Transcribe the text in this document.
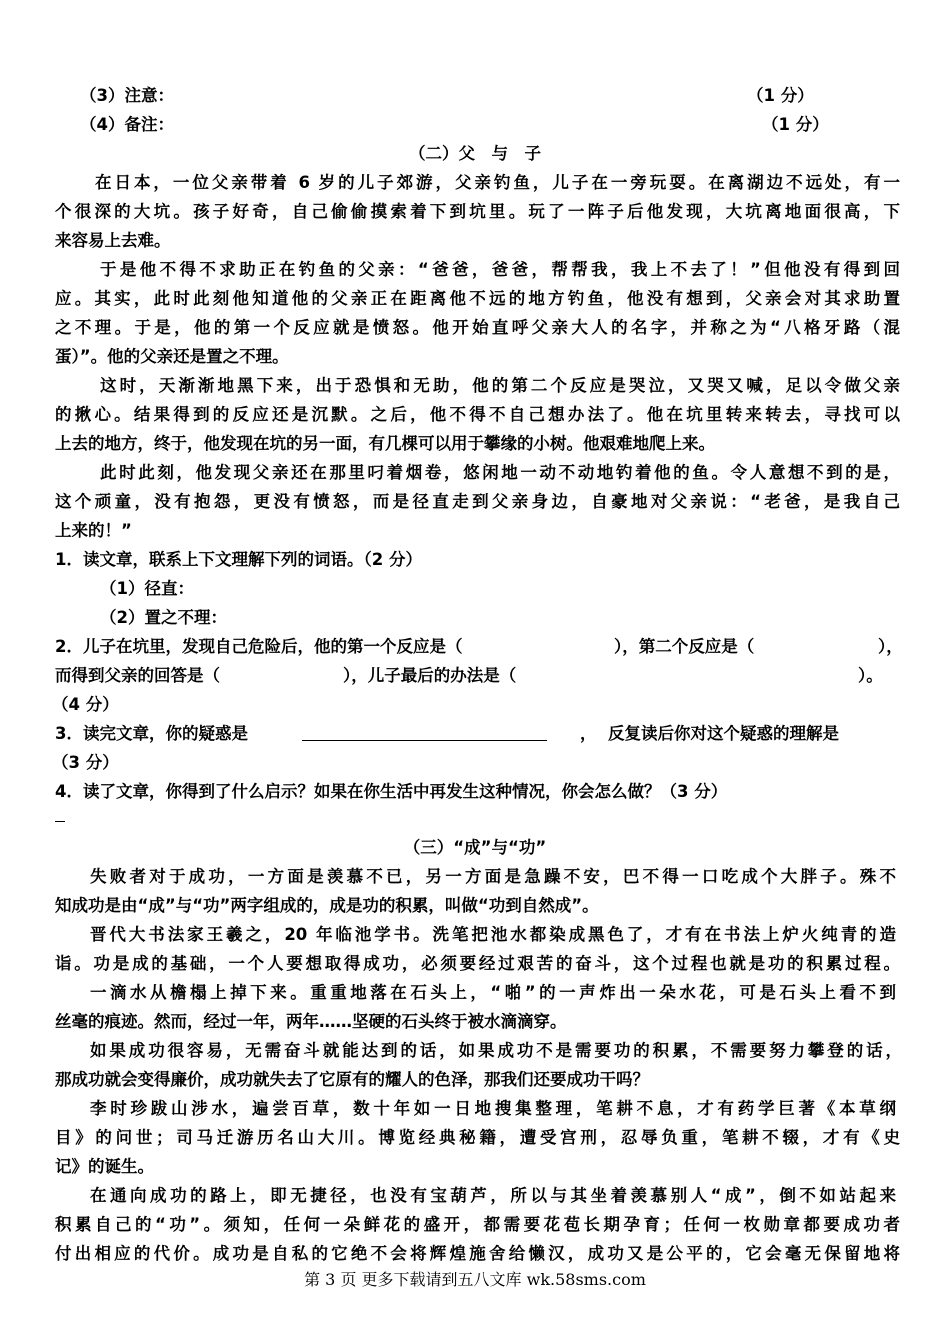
（3）注意：	（1 分）
（4）备注：	（1 分）
（二）父　与　子
在日本，一位父亲带着 6 岁的儿子郊游，父亲钓鱼，儿子在一旁玩耍。在离湖边不远处，有一
个很深的大坑。孩子好奇，自己偷偷摸索着下到坑里。玩了一阵子后他发现，大坑离地面很高，下
来容易上去难。
于是他不得不求助正在钓鱼的父亲：“爸爸，爸爸，帮帮我，我上不去了！”但他没有得到回
应。其实，此时此刻他知道他的父亲正在距离他不远的地方钓鱼，他没有想到，父亲会对其求助置
之不理。于是，他的第一个反应就是愤怒。他开始直呼父亲大人的名字，并称之为“八格牙路（混
蛋）”。他的父亲还是置之不理。
这时，天渐渐地黑下来，出于恐惧和无助，他的第二个反应是哭泣，又哭又喊，足以令做父亲
的揪心。结果得到的反应还是沉默。之后，他不得不自己想办法了。他在坑里转来转去，寻找可以
上去的地方，终于，他发现在坑的另一面，有几棵可以用于攀缘的小树。他艰难地爬上来。
此时此刻，他发现父亲还在那里叼着烟卷，悠闲地一动不动地钓着他的鱼。令人意想不到的是，
这个顽童，没有抱怨，更没有愤怒，而是径直走到父亲身边，自豪地对父亲说：“老爸，是我自己
上来的！”
1．读文章，联系上下文理解下列的词语。（2 分）
（1）径直：
（2）置之不理：
2．儿子在坑里，发现自己危险后，他的第一个反应是（	），第二个反应是（	），
而得到父亲的回答是（	），儿子最后的办法是（	）。
（4 分）
3．读完文章，你的疑惑是	， 反复读后你对这个疑惑的理解是
（3 分）
4．读了文章，你得到了什么启示？如果在你生活中再发生这种情况，你会怎么做？（3 分）
（三）“成”与“功”
失败者对于成功，一方面是羡慕不已，另一方面是急躁不安，巴不得一口吃成个大胖子。殊不
知成功是由“成”与“功”两字组成的，成是功的积累，叫做“功到自然成”。
晋代大书法家王羲之，20 年临池学书。洗笔把池水都染成黑色了，才有在书法上炉火纯青的造
诣。功是成的基础，一个人要想取得成功，必须要经过艰苦的奋斗，这个过程也就是功的积累过程。
一滴水从檐榻上掉下来。重重地落在石头上，“啪”的一声炸出一朵水花，可是石头上看不到
丝毫的痕迹。然而，经过一年，两年……坚硬的石头终于被水滴滴穿。
如果成功很容易，无需奋斗就能达到的话，如果成功不是需要功的积累，不需要努力攀登的话，
那成功就会变得廉价，成功就失去了它原有的耀人的色泽，那我们还要成功干吗？
李时珍跋山涉水，遍尝百草，数十年如一日地搜集整理，笔耕不息，才有药学巨著《本草纲
目》的问世；司马迁游历名山大川。博览经典秘籍，遭受宫刑，忍辱负重，笔耕不辍，才有《史
记》的诞生。
在通向成功的路上，即无捷径，也没有宝葫芦，所以与其坐着羡慕别人“成”，倒不如站起来
积累自己的“功”。须知，任何一朵鲜花的盛开，都需要花苞长期孕育；任何一枚勋章都要成功者
付出相应的代价。成功是自私的它绝不会将辉煌施舍给懒汉，成功又是公平的，它会毫无保留地将
第 3 页 更多下载请到五八文库 wk.58sms.com
